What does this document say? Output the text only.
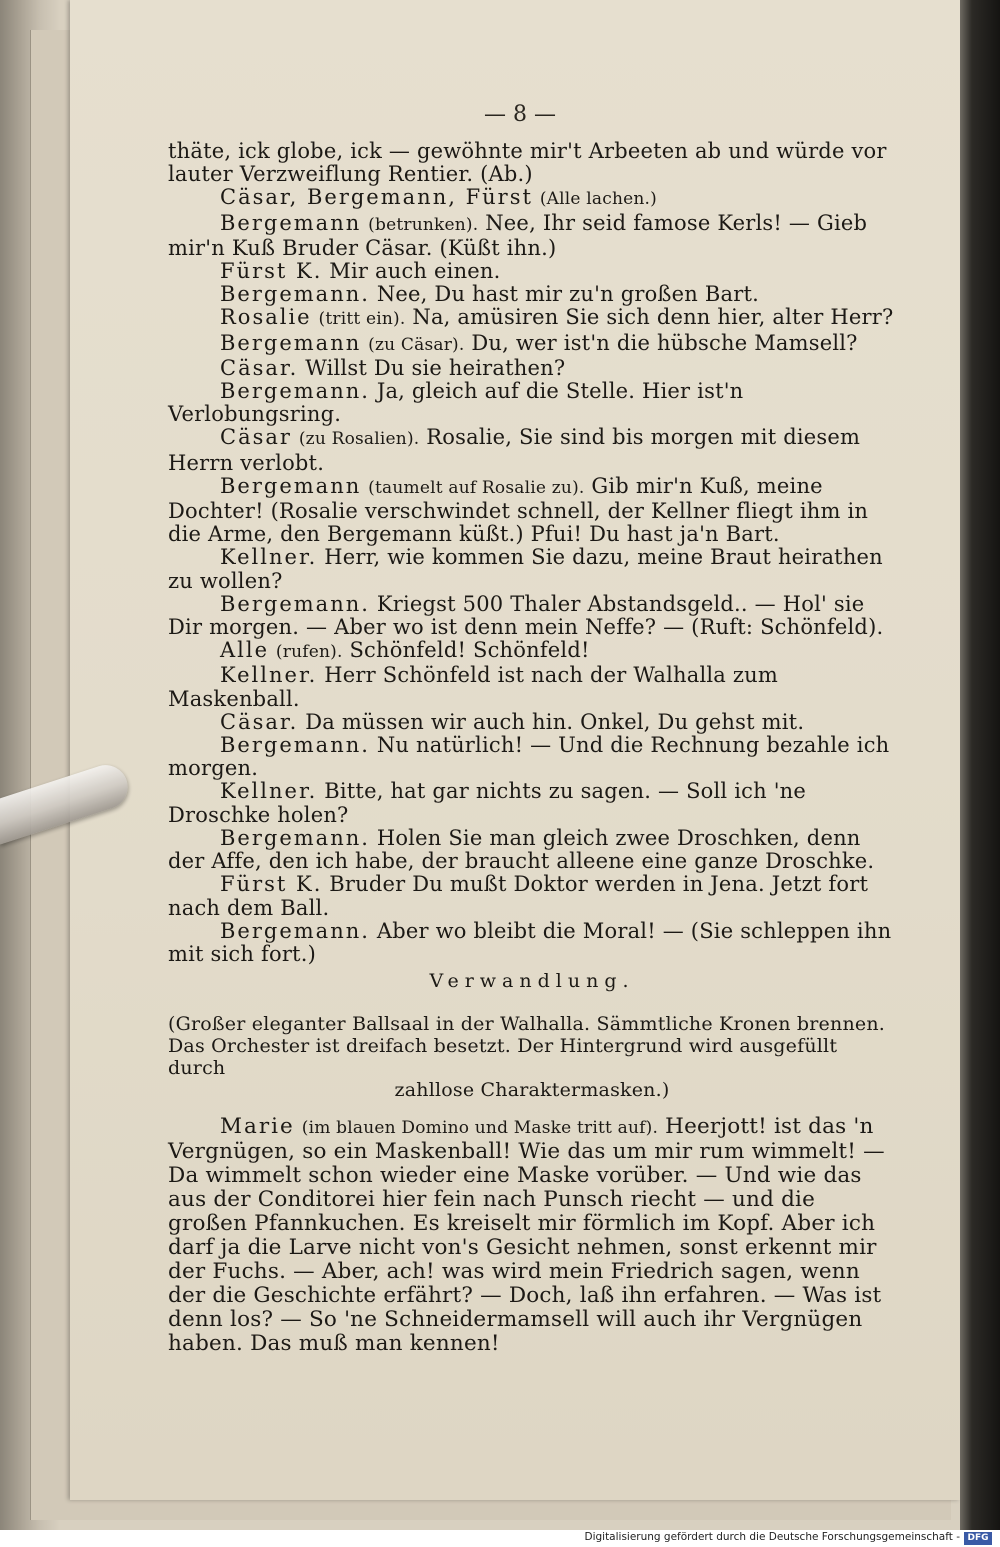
— 8 —
thäte, ick globe, ick — gewöhnte mir't Arbeeten ab und würde vor lauter Verzweiflung Rentier. (Ab.)
Cäsar, Bergemann, Fürst (Alle lachen.)
Bergemann (betrunken). Nee, Ihr seid famose Kerls! — Gieb mir'n Kuß Bruder Cäsar. (Küßt ihn.)
Fürst K. Mir auch einen.
Bergemann. Nee, Du hast mir zu'n großen Bart.
Rosalie (tritt ein). Na, amüsiren Sie sich denn hier, alter Herr?
Bergemann (zu Cäsar). Du, wer ist'n die hübsche Mamsell?
Cäsar. Willst Du sie heirathen?
Bergemann. Ja, gleich auf die Stelle. Hier ist'n Verlobungsring.
Cäsar (zu Rosalien). Rosalie, Sie sind bis morgen mit diesem Herrn verlobt.
Bergemann (taumelt auf Rosalie zu). Gib mir'n Kuß, meine Dochter! (Rosalie verschwindet schnell, der Kellner fliegt ihm in die Arme, den Bergemann küßt.) Pfui! Du hast ja'n Bart.
Kellner. Herr, wie kommen Sie dazu, meine Braut heirathen zu wollen?
Bergemann. Kriegst 500 Thaler Abstandsgeld.. — Hol' sie Dir morgen. — Aber wo ist denn mein Neffe? — (Ruft: Schönfeld).
Alle (rufen). Schönfeld! Schönfeld!
Kellner. Herr Schönfeld ist nach der Walhalla zum Maskenball.
Cäsar. Da müssen wir auch hin. Onkel, Du gehst mit.
Bergemann. Nu natürlich! — Und die Rechnung bezahle ich morgen.
Kellner. Bitte, hat gar nichts zu sagen. — Soll ich 'ne Droschke holen?
Bergemann. Holen Sie man gleich zwee Droschken, denn der Affe, den ich habe, der braucht alleene eine ganze Droschke.
Fürst K. Bruder Du mußt Doktor werden in Jena. Jetzt fort nach dem Ball.
Bergemann. Aber wo bleibt die Moral! — (Sie schleppen ihn mit sich fort.)
Verwandlung.
(Großer eleganter Ballsaal in der Walhalla. Sämmtliche Kronen brennen. Das Orchester ist dreifach besetzt. Der Hintergrund wird ausgefüllt durch
zahllose Charaktermasken.)
Marie (im blauen Domino und Maske tritt auf). Heerjott! ist das 'n Vergnügen, so ein Maskenball! Wie das um mir rum wimmelt! — Da wimmelt schon wieder eine Maske vorüber. — Und wie das aus der Conditorei hier fein nach Punsch riecht — und die großen Pfannkuchen. Es kreiselt mir förmlich im Kopf. Aber ich darf ja die Larve nicht von's Gesicht nehmen, sonst erkennt mir der Fuchs. — Aber, ach! was wird mein Friedrich sagen, wenn der die Geschichte erfährt? — Doch, laß ihn erfahren. — Was ist denn los? — So 'ne Schneidermamsell will auch ihr Vergnügen haben. Das muß man kennen!
Digitalisierung gefördert durch die Deutsche Forschungsgemeinschaft - DFG
